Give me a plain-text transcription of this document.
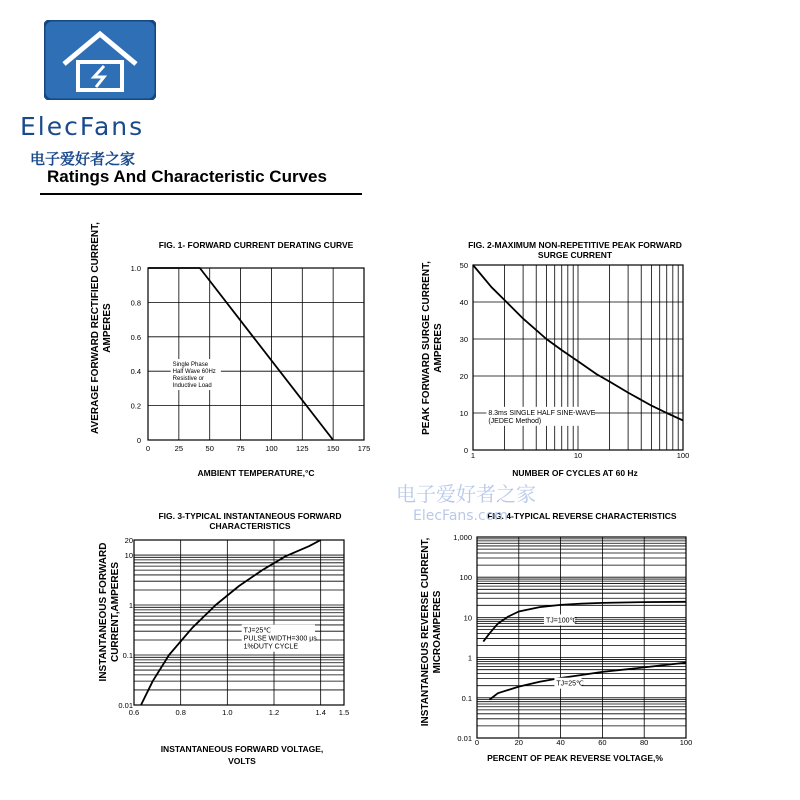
ElecFans
电子爱好者之家
Ratings And Characteristic Curves
0	25	50	75	100 125 150 175
0
0.2
0.4
0.6
0.8
1.0
FIG. 1- FORWARD CURRENT DERATING CURVE
AMBIENT TEMPERATURE,°C
AVERAGE FORWARD RECTIFIED CURRENT, AMPERES
Single Phase
Half Wave 60Hz
Resistive or
Inductive Load
1	10	100
0
10
20
30
40
50
FIG. 2-MAXIMUM NON-REPETITIVE PEAK FORWARD
SURGE CURRENT
NUMBER OF CYCLES AT 60 Hz
PEAK FORWARD SURGE CURRENT, AMPERES
8.3ms SINGLE HALF SINE-WAVE
(JEDEC Method)
0.6	0.8	1.0	1.2	1.4 1.5
0.01
0.1
1
10
20
FIG. 3-TYPICAL INSTANTANEOUS FORWARD
CHARACTERISTICS
INSTANTANEOUS FORWARD VOLTAGE,
VOLTS
INSTANTANEOUS FORWARD CURRENT,AMPERES	TJ=25℃
PULSE WIDTH=300 µs
1%DUTY CYCLE
0	20	40	60	80	100
0.01
0.1
1
10
100
1,000
FIG. 4-TYPICAL REVERSE CHARACTERISTICS
PERCENT OF PEAK REVERSE VOLTAGE,%
INSTANTANEOUS REVERSE CURRENT, MICROAMPERES	TJ=100℃
TJ=25℃
电子爱好者之家
ElecFans.com
